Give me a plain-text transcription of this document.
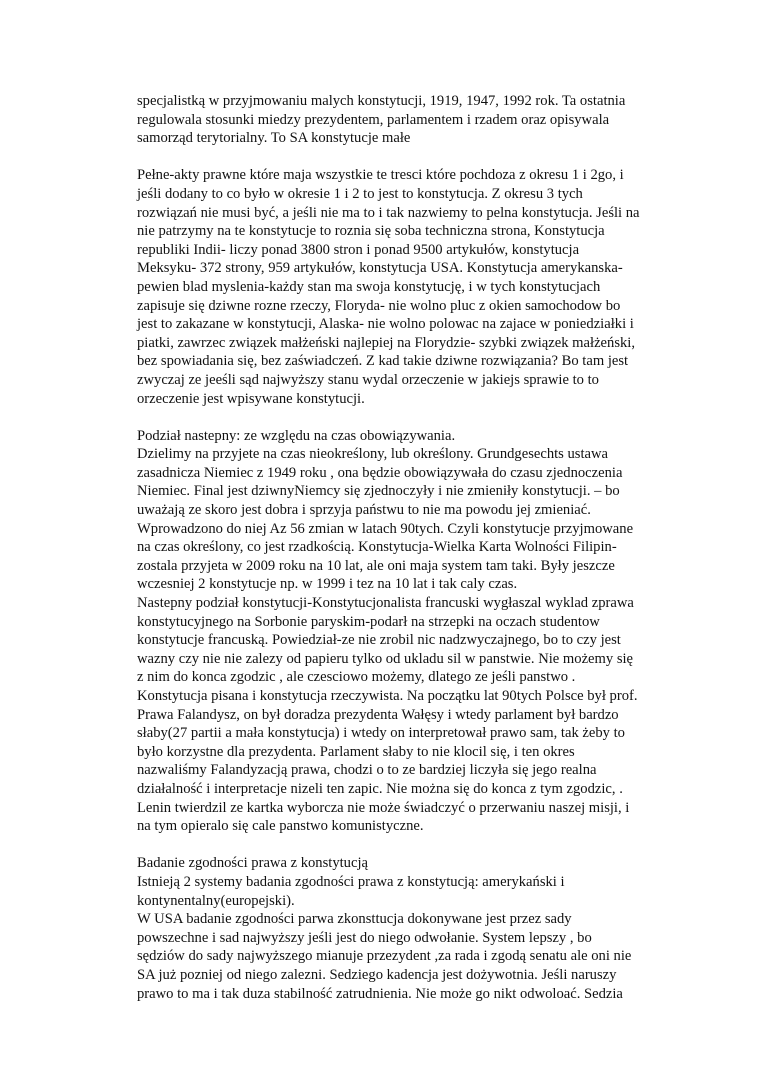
specjalistką w przyjmowaniu malych konstytucji, 1919, 1947, 1992 rok. Ta ostatnia
regulowala stosunki miedzy prezydentem, parlamentem i rzadem oraz opisywala
samorząd terytorialny. To SA konstytucje małe
Pełne-akty prawne które maja wszystkie te tresci które pochdoza z okresu 1 i 2go, i
jeśli dodany to co było w okresie 1 i 2 to jest to konstytucja. Z okresu 3 tych
rozwiązań nie musi być, a jeśli nie ma to i tak nazwiemy to pelna konstytucja. Jeśli na
nie patrzymy na te konstytucje to roznia się soba techniczna strona, Konstytucja
republiki Indii- liczy ponad 3800 stron i ponad 9500 artykułów, konstytucja
Meksyku- 372 strony, 959 artykułów, konstytucja USA. Konstytucja amerykanska-
pewien blad myslenia-każdy stan ma swoja konstytucję, i w tych konstytucjach
zapisuje się dziwne rozne rzeczy, Floryda- nie wolno pluc z okien samochodow bo
jest to zakazane w konstytucji, Alaska- nie wolno polowac na zajace w poniedziałki i
piatki, zawrzec związek małżeński najlepiej na Florydzie- szybki związek małżeński,
bez spowiadania się, bez zaświadczeń. Z kad takie dziwne rozwiązania? Bo tam jest
zwyczaj ze jeeśli sąd najwyższy stanu wydal orzeczenie w jakiejs sprawie to to
orzeczenie jest wpisywane konstytucji.
Podział nastepny: ze względu na czas obowiązywania.
Dzielimy na przyjete na czas nieokreślony, lub określony. Grundgesechts ustawa
zasadnicza Niemiec z 1949 roku , ona będzie obowiązywała do czasu zjednoczenia
Niemiec. Final jest dziwnyNiemcy się zjednoczyły i nie zmieniły konstytucji. – bo
uważają ze skoro jest dobra i sprzyja państwu to nie ma powodu jej zmieniać.
Wprowadzono do niej Az 56 zmian w latach 90tych. Czyli konstytucje przyjmowane
na czas określony, co jest rzadkością. Konstytucja-Wielka Karta Wolności Filipin-
zostala przyjeta w 2009 roku na 10 lat, ale oni maja system tam taki. Były jeszcze
wczesniej 2 konstytucje np. w 1999 i tez na 10 lat i tak caly czas.
Nastepny podział konstytucji-Konstytucjonalista francuski wygłaszal wyklad zprawa
konstytucyjnego na Sorbonie paryskim-podarł na strzepki na oczach studentow
konstytucje francuską. Powiedział-ze nie zrobil nic nadzwyczajnego, bo to czy jest
wazny czy nie nie zalezy od papieru tylko od ukladu sil w panstwie. Nie możemy się
z nim do konca zgodzic , ale czesciowo możemy, dlatego ze jeśli panstwo .
Konstytucja pisana i konstytucja rzeczywista. Na początku lat 90tych Polsce był prof.
Prawa Falandysz, on był doradza prezydenta Wałęsy i wtedy parlament był bardzo
słaby(27 partii a mała konstytucja) i wtedy on interpretował prawo sam, tak żeby to
było korzystne dla prezydenta. Parlament słaby to nie klocil się, i ten okres
nazwaliśmy Falandyzacją prawa, chodzi o to ze bardziej liczyła się jego realna
działalność i interpretacje nizeli ten zapic. Nie można się do konca z tym zgodzic, .
Lenin twierdzil ze kartka wyborcza nie może świadczyć o przerwaniu naszej misji, i
na tym opieralo się cale panstwo komunistyczne.
Badanie zgodności prawa z konstytucją
Istnieją 2 systemy badania zgodności prawa z konstytucją: amerykański i
kontynentalny(europejski).
W USA badanie zgodności parwa zkonsttucja dokonywane jest przez sady
powszechne i sad najwyższy jeśli jest do niego odwołanie. System lepszy , bo
sędziów do sady najwyższego mianuje przezydent ,za rada i zgodą senatu ale oni nie
SA już pozniej od niego zalezni. Sedziego kadencja jest dożywotnia. Jeśli naruszy
prawo to ma i tak duza stabilność zatrudnienia. Nie może go nikt odwoloać. Sedzia
